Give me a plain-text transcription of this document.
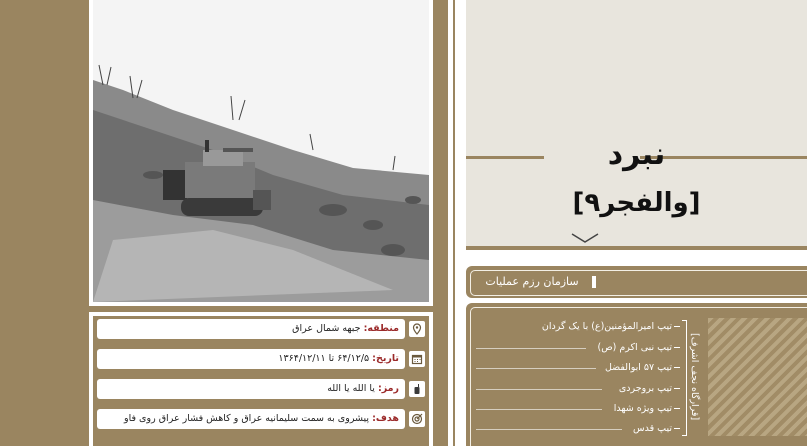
منطقه: جبهه شمال عراق
تاریخ: ۶۴/۱۲/۵ تا ۱۳۶۴/۱۲/۱۱
رمز: یا الله یا الله
هدف: پیشروی به سمت سلیمانیه عراق و کاهش فشار عراق روی فاو
نبرد
[والفجر۹]
سازمان رزم عملیات
[قرارگاه نجف اشرف]
تیپ امیرالمؤمنین(ع) با یک گردان
تیپ نبی اکرم (ص)
تیپ ۵۷ ابوالفضل
تیپ بروجردی
تیپ ویژه شهدا
تیپ قدس
